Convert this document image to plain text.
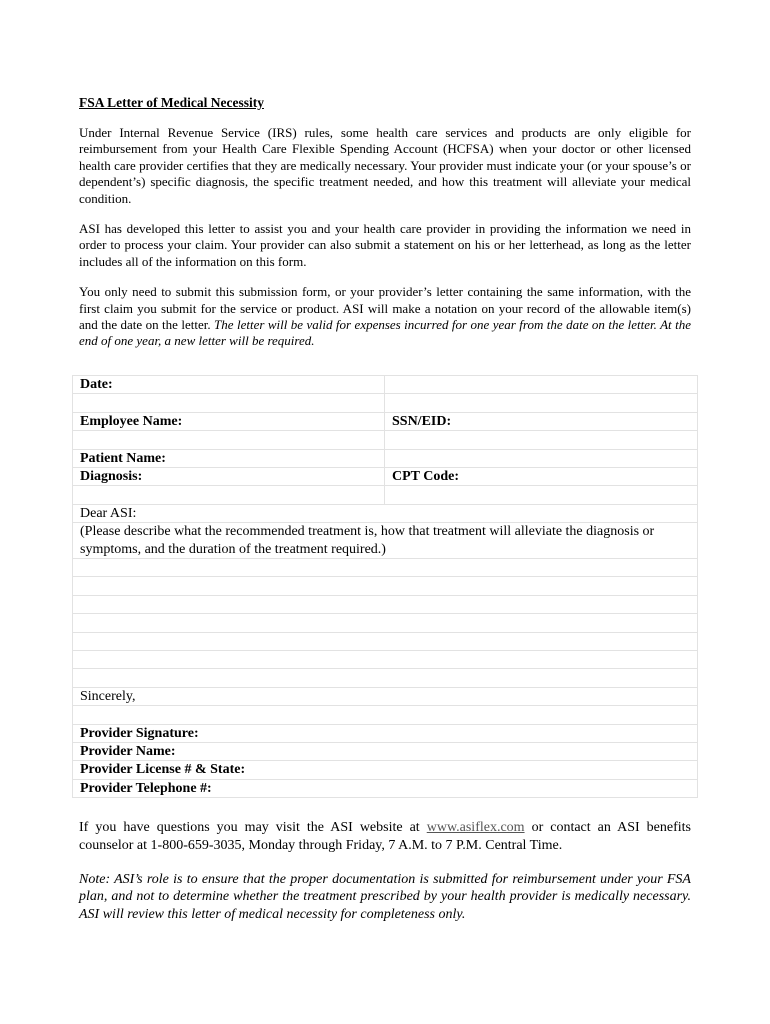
FSA Letter of Medical Necessity

Under Internal Revenue Service (IRS) rules, some health care services and products are only eligible for reimbursement from your Health Care Flexible Spending Account (HCFSA) when your doctor or other licensed health care provider certifies that they are medically necessary. Your provider must indicate your (or your spouse’s or dependent’s) specific diagnosis, the specific treatment needed, and how this treatment will alleviate your medical condition.

ASI has developed this letter to assist you and your health care provider in providing the information we need in order to process your claim. Your provider can also submit a statement on his or her letterhead, as long as the letter includes all of the information on this form.

You only need to submit this submission form, or your provider’s letter containing the same information, with the first claim you submit for the service or product. ASI will make a notation on your record of the allowable item(s) and the date on the letter. The letter will be valid for expenses incurred for one year from the date on the letter. At the end of one year, a new letter will be required.

Date:	

Employee Name:	SSN/EID:

Patient Name:	
Diagnosis:	CPT Code:

Dear ASI:	
(Please describe what the recommended treatment is, how that treatment will alleviate the diagnosis or symptoms, and the duration of the treatment required.)	

Sincerely,	

Provider Signature:	
Provider Name:	
Provider License # & State:	
Provider Telephone #:	

If you have questions you may visit the ASI website at www.asiflex.com or contact an ASI benefits counselor at 1-800-659-3035, Monday through Friday, 7 A.M. to 7 P.M. Central Time.

Note: ASI’s role is to ensure that the proper documentation is submitted for reimbursement under your FSA plan, and not to determine whether the treatment prescribed by your health provider is medically necessary. ASI will review this letter of medical necessity for completeness only.
